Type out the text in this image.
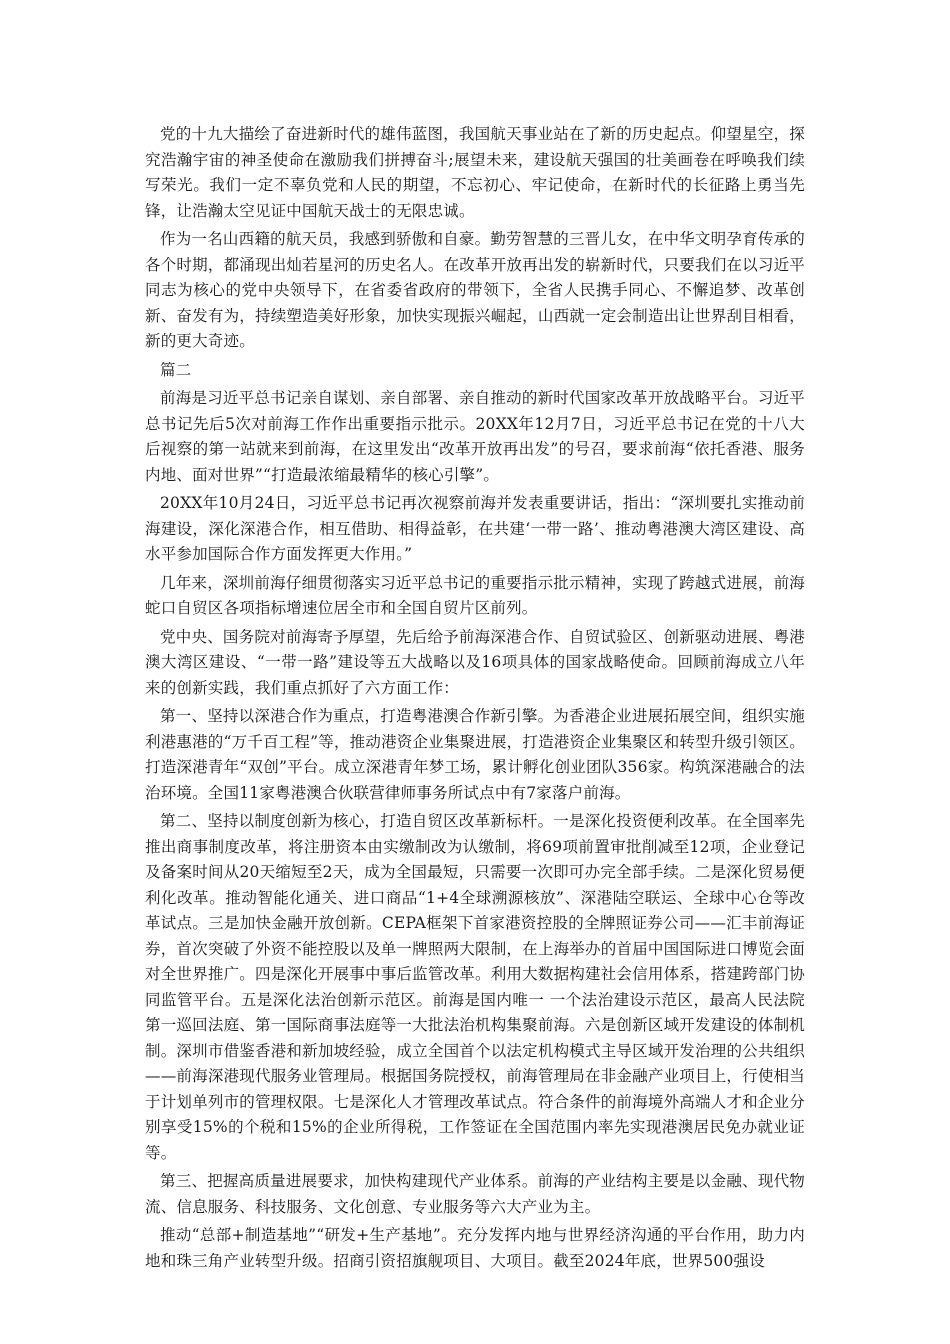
党的十九大描绘了奋进新时代的雄伟蓝图，我国航天事业站在了新的历史起点。仰望星空，探究浩瀚宇宙的神圣使命在激励我们拼搏奋斗;展望未来，建设航天强国的壮美画卷在呼唤我们续写荣光。我们一定不辜负党和人民的期望，不忘初心、牢记使命，在新时代的长征路上勇当先锋，让浩瀚太空见证中国航天战士的无限忠诚。

作为一名山西籍的航天员，我感到骄傲和自豪。勤劳智慧的三晋儿女，在中华文明孕育传承的各个时期，都涌现出灿若星河的历史名人。在改革开放再出发的崭新时代，只要我们在以习近平同志为核心的党中央领导下，在省委省政府的带领下，全省人民携手同心、不懈追梦、改革创新、奋发有为，持续塑造美好形象，加快实现振兴崛起，山西就一定会制造出让世界刮目相看，新的更大奇迹。

篇二

前海是习近平总书记亲自谋划、亲自部署、亲自推动的新时代国家改革开放战略平台。习近平总书记先后5次对前海工作作出重要指示批示。20XX年12月7日，习近平总书记在党的十八大后视察的第一站就来到前海，在这里发出“改革开放再出发”的号召，要求前海“依托香港、服务内地、面对世界”“打造最浓缩最精华的核心引擎”。

20XX年10月24日，习近平总书记再次视察前海并发表重要讲话，指出：“深圳要扎实推动前海建设，深化深港合作，相互借助、相得益彰，在共建‘一带一路’、推动粤港澳大湾区建设、高水平参加国际合作方面发挥更大作用。”

几年来，深圳前海仔细贯彻落实习近平总书记的重要指示批示精神，实现了跨越式进展，前海蛇口自贸区各项指标增速位居全市和全国自贸片区前列。

党中央、国务院对前海寄予厚望，先后给予前海深港合作、自贸试验区、创新驱动进展、粤港澳大湾区建设、“一带一路”建设等五大战略以及16项具体的国家战略使命。回顾前海成立八年来的创新实践，我们重点抓好了六方面工作：

第一、坚持以深港合作为重点，打造粤港澳合作新引擎。为香港企业进展拓展空间，组织实施利港惠港的“万千百工程”等，推动港资企业集聚进展，打造港资企业集聚区和转型升级引领区。打造深港青年“双创”平台。成立深港青年梦工场，累计孵化创业团队356家。构筑深港融合的法治环境。全国11家粤港澳合伙联营律师事务所试点中有7家落户前海。

第二、坚持以制度创新为核心，打造自贸区改革新标杆。一是深化投资便利改革。在全国率先推出商事制度改革，将注册资本由实缴制改为认缴制，将69项前置审批削减至12项，企业登记及备案时间从20天缩短至2天，成为全国最短，只需要一次即可办完全部手续。二是深化贸易便利化改革。推动智能化通关、进口商品“1+4全球溯源核放”、深港陆空联运、全球中心仓等改革试点。三是加快金融开放创新。CEPA框架下首家港资控股的全牌照证券公司——汇丰前海证券，首次突破了外资不能控股以及单一牌照两大限制，在上海举办的首届中国国际进口博览会面对全世界推广。四是深化开展事中事后监管改革。利用大数据构建社会信用体系，搭建跨部门协同监管平台。五是深化法治创新示范区。前海是国内唯一 一个法治建设示范区，最高人民法院第一巡回法庭、第一国际商事法庭等一大批法治机构集聚前海。六是创新区域开发建设的体制机制。深圳市借鉴香港和新加坡经验，成立全国首个以法定机构模式主导区域开发治理的公共组织——前海深港现代服务业管理局。根据国务院授权，前海管理局在非金融产业项目上，行使相当于计划单列市的管理权限。七是深化人才管理改革试点。符合条件的前海境外高端人才和企业分别享受15%的个税和15%的企业所得税，工作签证在全国范围内率先实现港澳居民免办就业证等。

第三、把握高质量进展要求，加快构建现代产业体系。前海的产业结构主要是以金融、现代物流、信息服务、科技服务、文化创意、专业服务等六大产业为主。

推动“总部+制造基地”“研发+生产基地”。充分发挥内地与世界经济沟通的平台作用，助力内地和珠三角产业转型升级。招商引资招旗舰项目、大项目。截至2024年底，世界500强设
